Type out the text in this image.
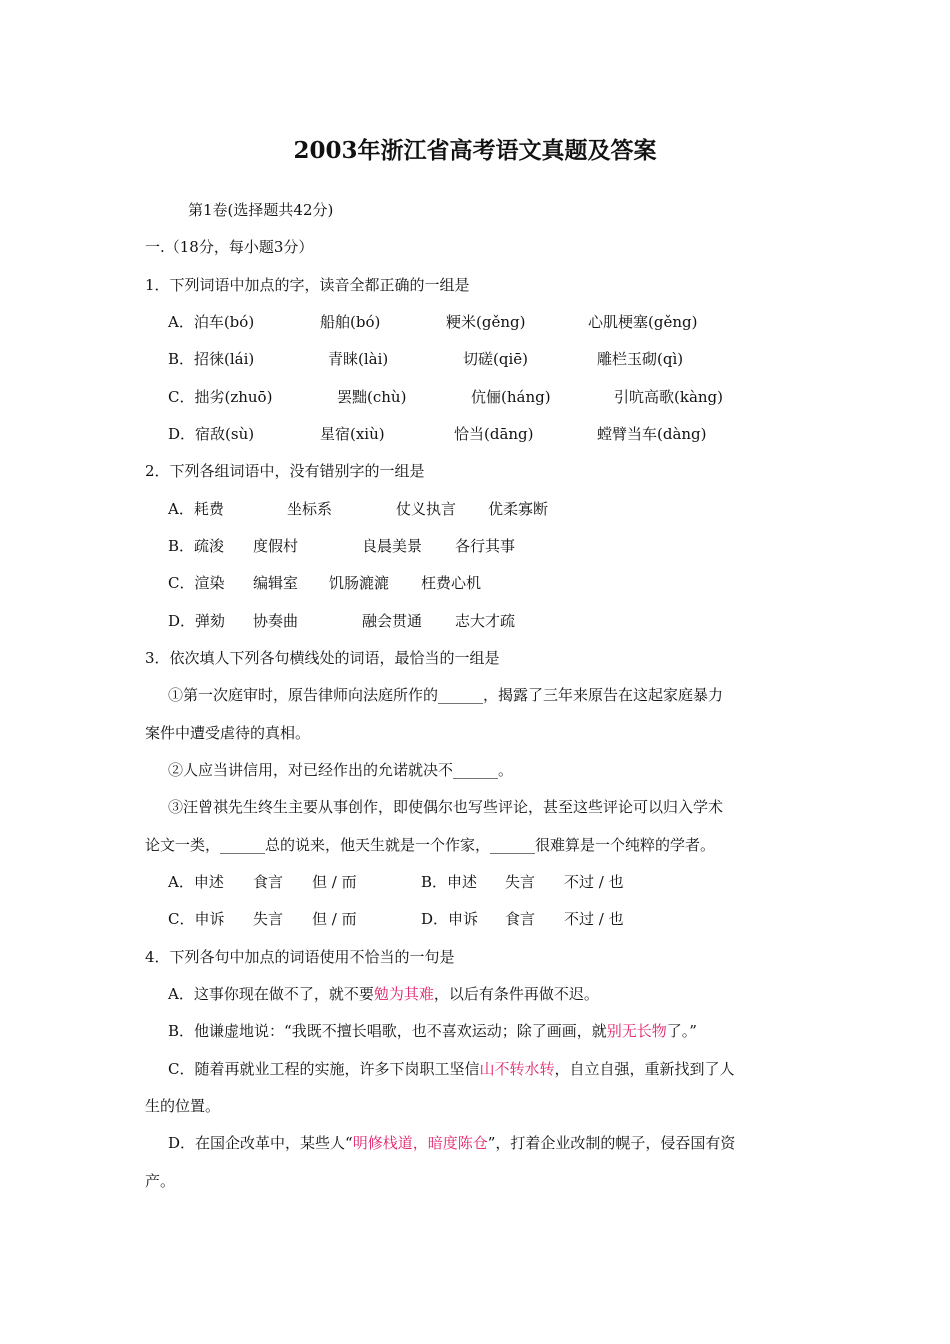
2003年浙江省高考语文真题及答案
第1卷(选择题共42分)
一.（18分，每小题3分）
1．下列词语中加点的字，读音全都正确的一组是
A．泊车(bó)	船舶(bó)	粳米(gěng)	心肌梗塞(gěng)
B．招徕(lái)	青睐(lài)	切磋(qiē)	雕栏玉砌(qì)
C．拙劣(zhuō)	罢黜(chù)	伉俪(háng)	引吭高歌(kàng)
D．宿敌(sù)	星宿(xiù)	恰当(dāng)	螳臂当车(dàng)
2．下列各组词语中，没有错别字的一组是
A．耗费	坐标系	仗义执言 优柔寡断
B．疏浚 度假村	良晨美景 各行其事
C．渲染 编辑室 饥肠漉漉 枉费心机
D．弹劾 协奏曲	融会贯通 志大才疏
3．依次填人下列各句横线处的词语，最恰当的一组是
①第一次庭审时，原告律师向法庭所作的______，揭露了三年来原告在这起家庭暴力
案件中遭受虐待的真相。
②人应当讲信用，对已经作出的允诺就决不______。
③汪曾祺先生终生主要从事创作，即使偶尔也写些评论，甚至这些评论可以归入学术
论文一类，______总的说来，他天生就是一个作家，______很难算是一个纯粹的学者。
A．申述 食言 但 / 而	B．申述 失言 不过 / 也
C．申诉 失言 但 / 而	D．申诉 食言 不过 / 也
4．下列各句中加点的词语使用不恰当的一句是
A．这事你现在做不了，就不要勉为其难，以后有条件再做不迟。
B．他谦虚地说：“我既不擅长唱歌，也不喜欢运动；除了画画，就别无长物了。”
C．随着再就业工程的实施，许多下岗职工坚信山不转水转，自立自强，重新找到了人
生的位置。
D．在国企改革中，某些人“明修栈道，暗度陈仓”，打着企业改制的幌子，侵吞国有资
产。
